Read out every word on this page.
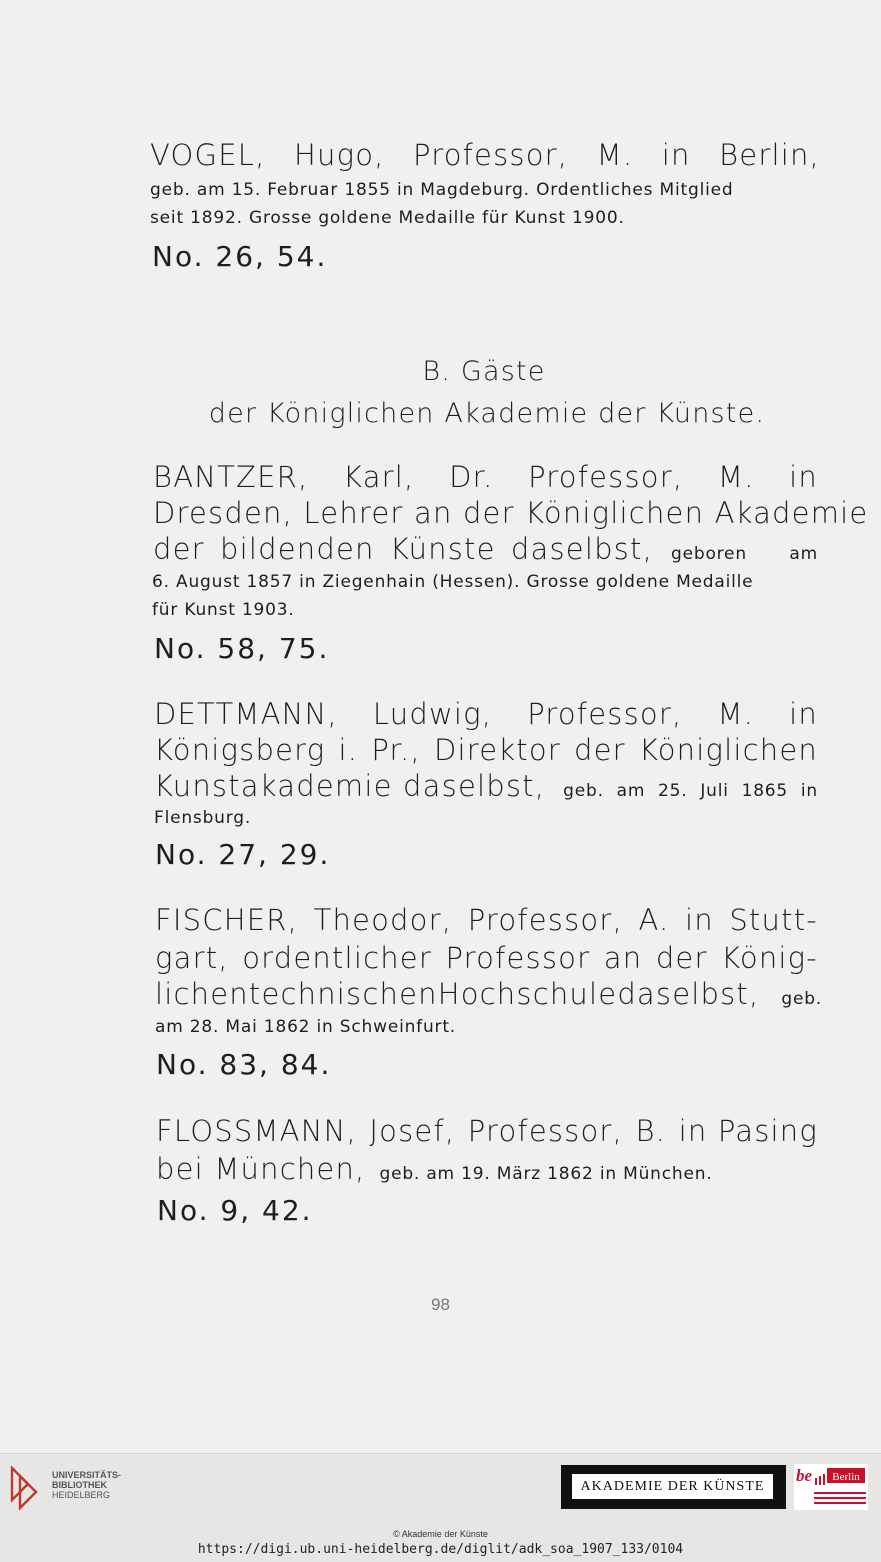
VOGEL, Hugo, Professor, M. in Berlin,
geb. am 15. Februar 1855 in Magdeburg. Ordentliches Mitglied
seit 1892. Grosse goldene Medaille für Kunst 1900.
No. 26, 54.
B. Gäste
der Königlichen Akademie der Künste.
BANTZER, Karl, Dr. Professor, M. in
Dresden, Lehrer an der Königlichen Akademie
der bildenden Künste daselbst, geboren	am
6. August 1857 in Ziegenhain (Hessen). Grosse goldene Medaille
für Kunst 1903.
No. 58, 75.
DETTMANN, Ludwig, Professor, M. in
Königsberg i. Pr., Direktor der Königlichen
Kunstakademie daselbst, geb. am 25. Juli 1865 in
Flensburg.
No. 27, 29.
FISCHER, Theodor, Professor, A. in Stutt-
gart, ordentlicher Professor an der König-
lichen technischen Hochschule daselbst, geb.
am 28. Mai 1862 in Schweinfurt.
No. 83, 84.
FLOSSMANN, Josef, Professor, B. in Pasing
bei München, geb. am 19. März 1862 in München.
No. 9, 42.
98
UNIVERSITÄTS-
BIBLIOTHEK
HEIDELBERG
AKADEMIE DER KÜNSTE
be Berlin
© Akademie der Künste
https://digi.ub.uni-heidelberg.de/diglit/adk_soa_1907_133/0104
